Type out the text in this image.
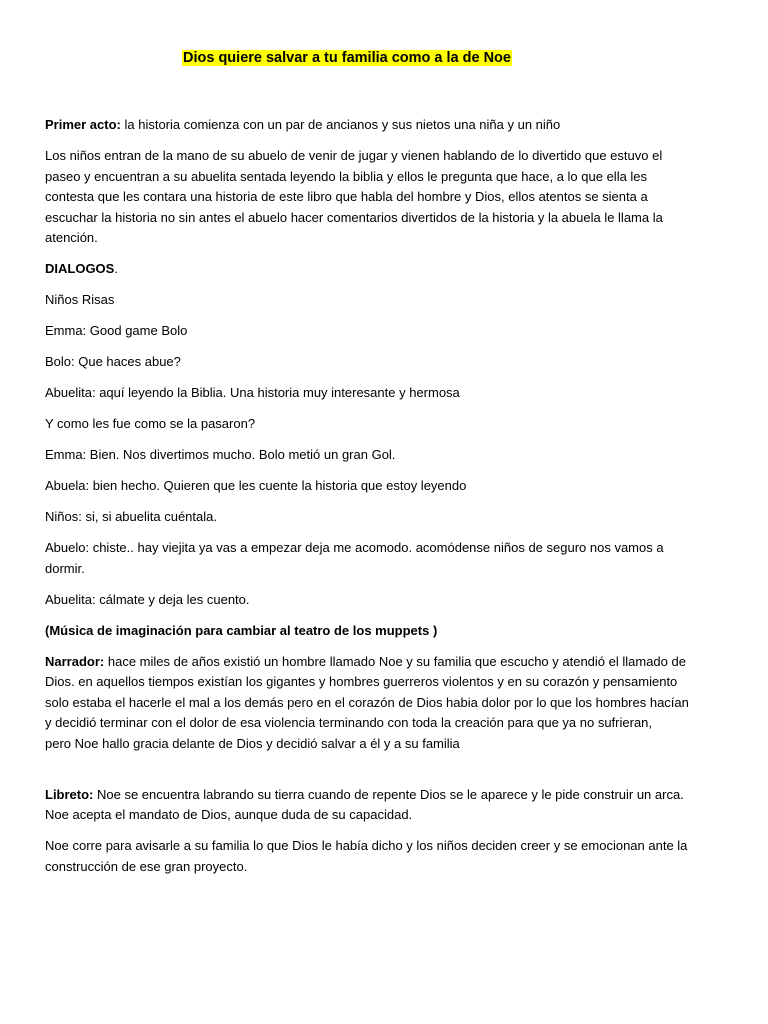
Dios quiere salvar a tu familia como a la de Noe

Primer acto: la historia comienza con un par de ancianos y sus nietos una niña y un niño

Los niños entran de la mano de su abuelo de venir de jugar y vienen hablando de lo divertido que estuvo el
paseo y encuentran a su abuelita sentada leyendo la biblia y ellos le pregunta que hace, a lo que ella les
contesta que les contara una historia de este libro que habla del hombre y Dios, ellos atentos se sienta a
escuchar la historia no sin antes el abuelo hacer comentarios divertidos de la historia y la abuela le llama la
atención.

DIALOGOS.

Niños Risas

Emma: Good game Bolo

Bolo: Que haces abue?

Abuelita: aquí leyendo la Biblia. Una historia muy interesante y hermosa

Y como les fue como se la pasaron?

Emma: Bien. Nos divertimos mucho. Bolo metió un gran Gol.

Abuela: bien hecho. Quieren que les cuente la historia que estoy leyendo

Niños: si, si abuelita cuéntala.

Abuelo: chiste.. hay viejita ya vas a empezar deja me acomodo. acomódense niños de seguro nos vamos a
dormir.

Abuelita: cálmate y deja les cuento.

(Música de imaginación para cambiar al teatro de los muppets )

Narrador: hace miles de años existió un hombre llamado Noe y su familia que escucho y atendió el llamado de
Dios. en aquellos tiempos existían los gigantes y hombres guerreros violentos y en su corazón y pensamiento
solo estaba el hacerle el mal a los demás pero en el corazón de Dios habia dolor por lo que los hombres hacían
y decidió terminar con el dolor de esa violencia terminando con toda la creación para que ya no sufrieran,
pero Noe hallo gracia delante de Dios y decidió salvar a él y a su familia

Libreto: Noe se encuentra labrando su tierra cuando de repente Dios se le aparece y le pide construir un arca.
Noe acepta el mandato de Dios, aunque duda de su capacidad.

Noe corre para avisarle a su familia lo que Dios le había dicho y los niños deciden creer y se emocionan ante la
construcción de ese gran proyecto.
